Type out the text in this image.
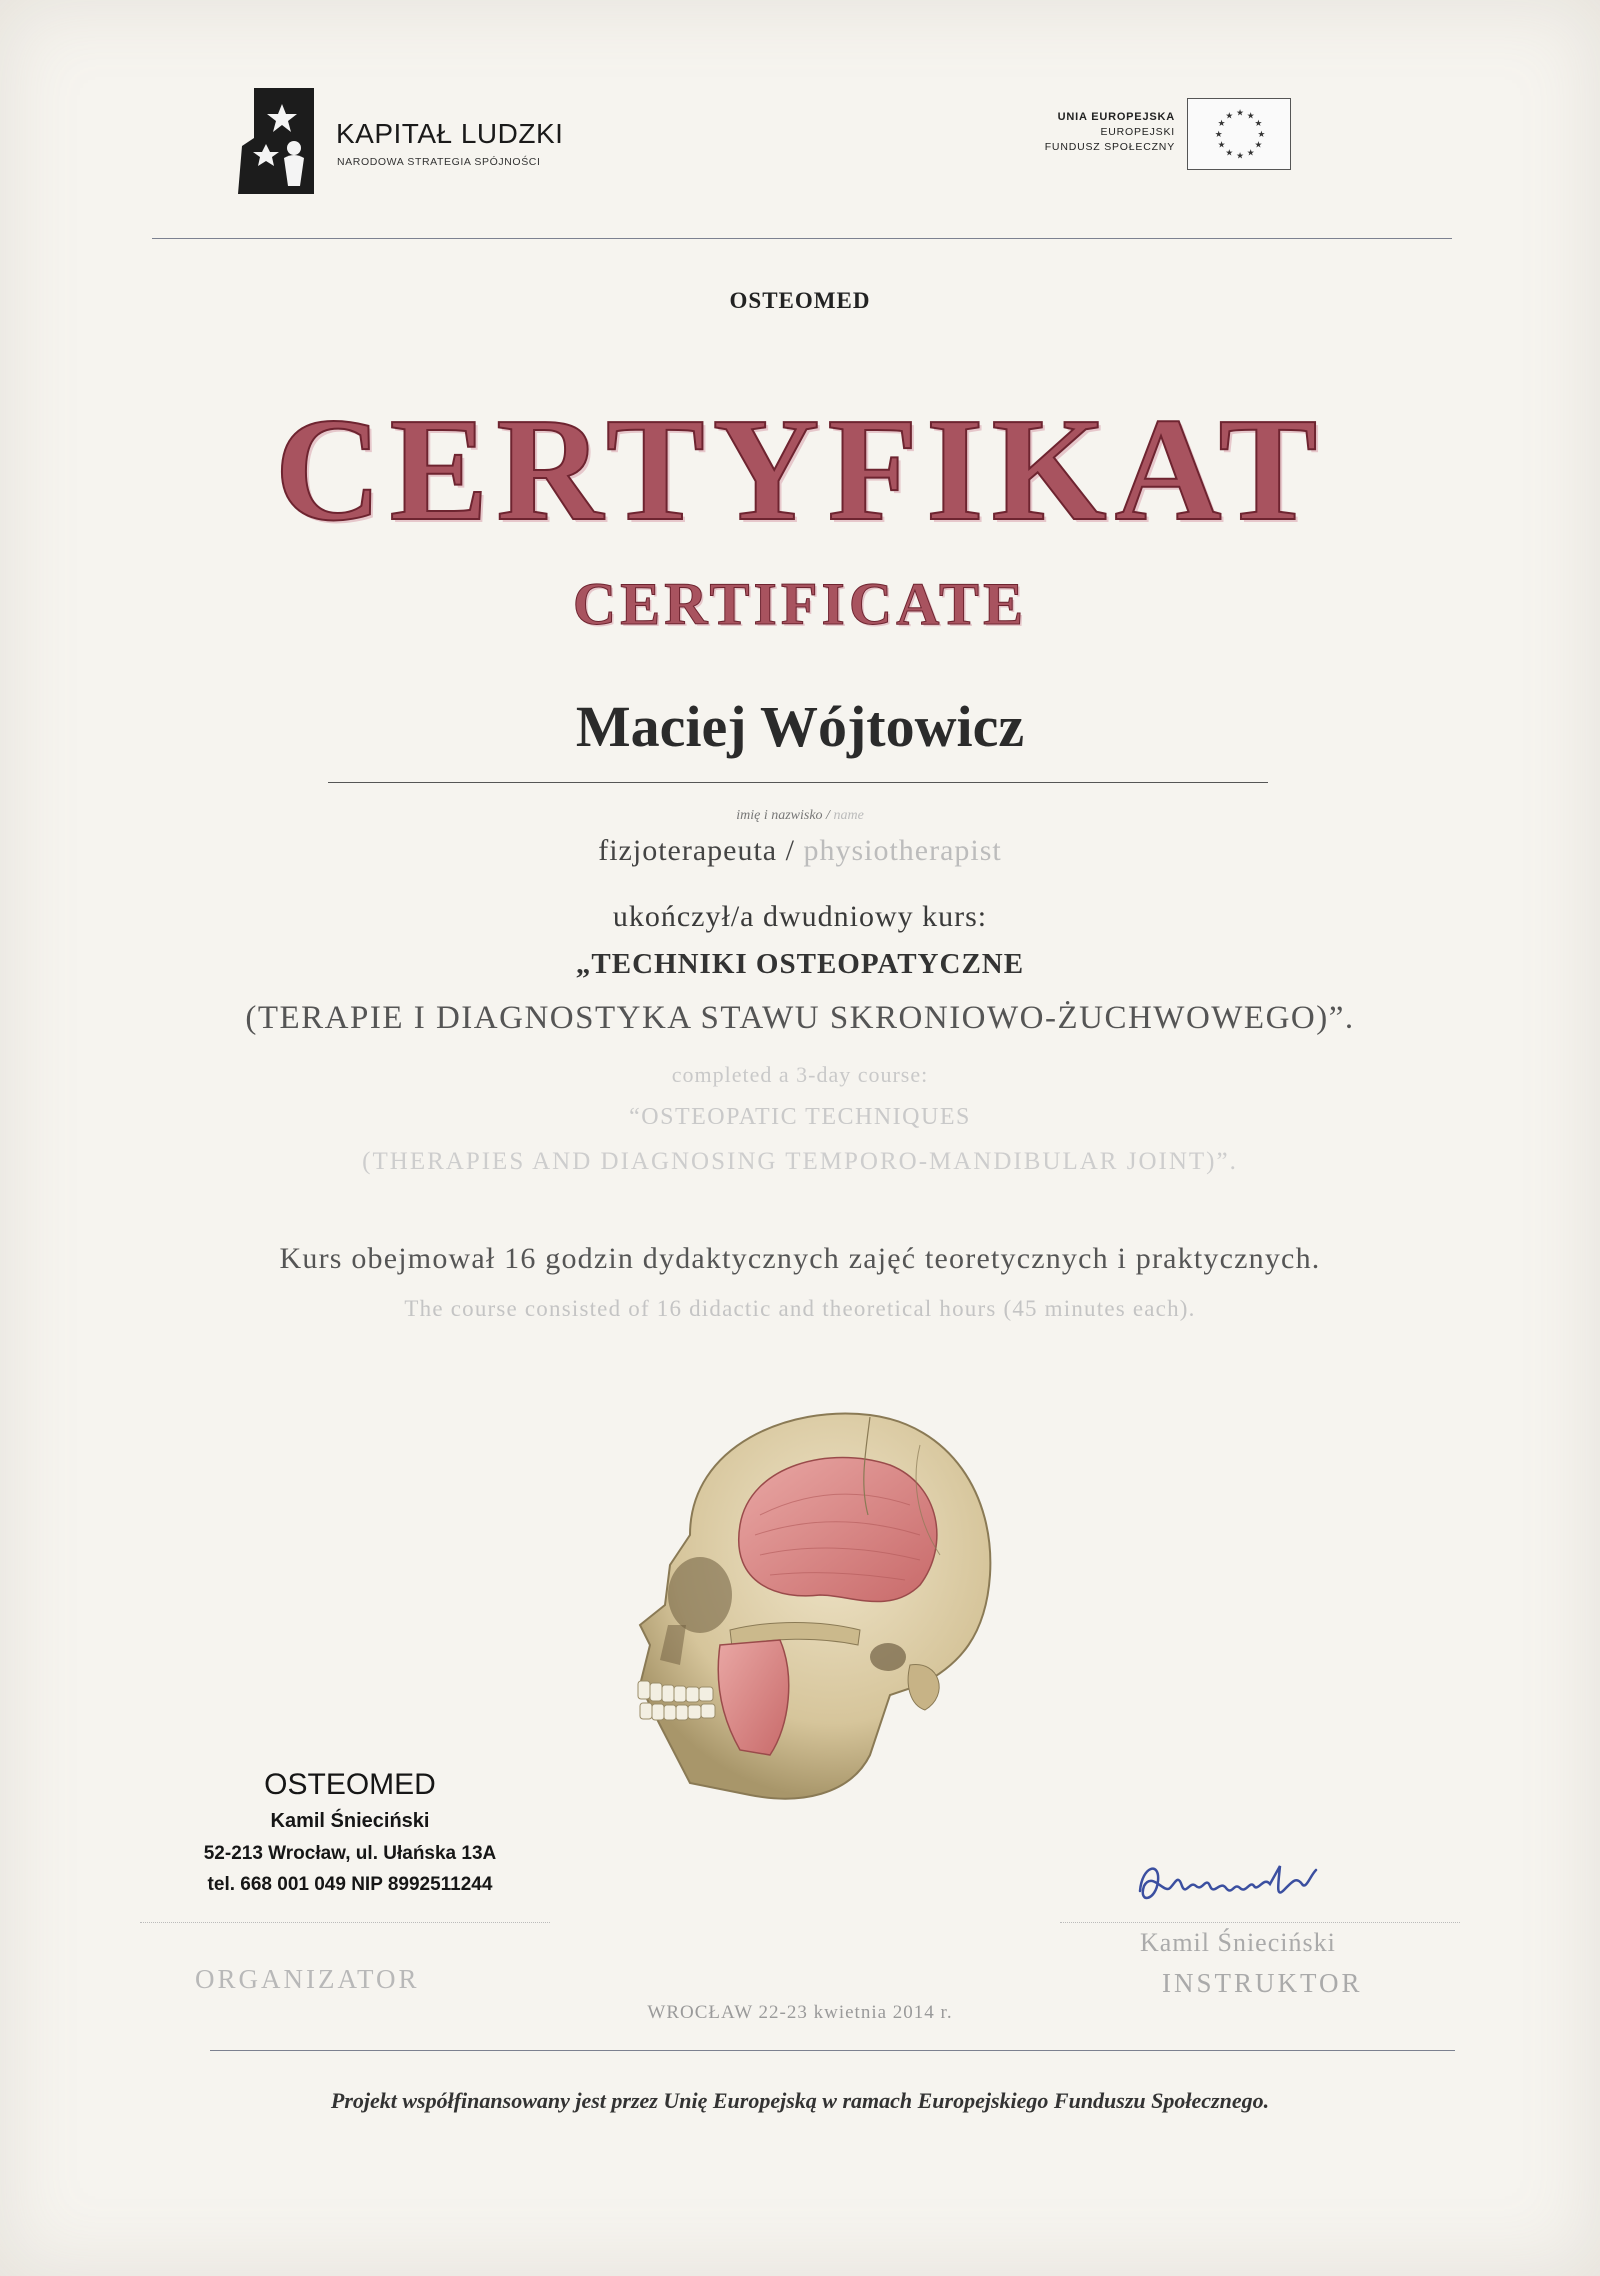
KAPITAŁ LUDZKI
NARODOWA STRATEGIA SPÓJNOŚCI
UNIA EUROPEJSKA
EUROPEJSKI
FUNDUSZ SPOŁECZNY
★ ★
★
★
★
★
★
★
★
★
★
★
OSTEOMED
CERTYFIKAT
CERTIFICATE
Maciej Wójtowicz
imię i nazwisko / name
fizjoterapeuta / physiotherapist
ukończył/a dwudniowy kurs:
„TECHNIKI OSTEOPATYCZNE
(TERAPIE I DIAGNOSTYKA STAWU SKRONIOWO-ŻUCHWOWEGO)”.
completed a 3-day course:
“OSTEOPATIC TECHNIQUES
(THERAPIES AND DIAGNOSING TEMPORO-MANDIBULAR JOINT)”.
Kurs obejmował 16 godzin dydaktycznych zajęć teoretycznych i praktycznych.
The course consisted of 16 didactic and theoretical hours (45 minutes each).
OSTEOMED
Kamil Śnieciński
52-213 Wrocław, ul. Ułańska 13A
tel. 668 001 049 NIP 8992511244
Kamil Śnieciński
INSTRUKTOR
ORGANIZATOR
WROCŁAW 22-23 kwietnia 2014 r.
Projekt współfinansowany jest przez Unię Europejską w ramach Europejskiego Funduszu Społecznego.
